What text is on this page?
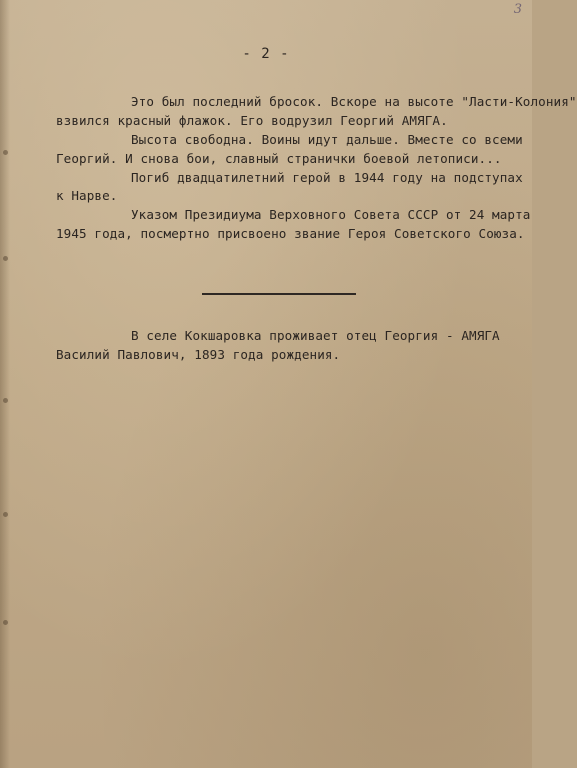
3
- 2 -
Это был последний бросок. Вскоре на высоте "Ласти-Колония"
взвился красный флажок. Его водрузил Георгий АМЯГА.
Высота свободна. Воины идут дальше. Вместе со всеми
Георгий. И снова бои, славный странички боевой летописи...
Погиб двадцатилетний герой в 1944 году на подступах
к Нарве.
Указом Президиума Верховного Совета СССР от 24 марта
1945 года, посмертно присвоено звание Героя Советского Союза.
В селе Кокшаровка проживает отец Георгия - АМЯГА
Василий Павлович, 1893 года рождения.
